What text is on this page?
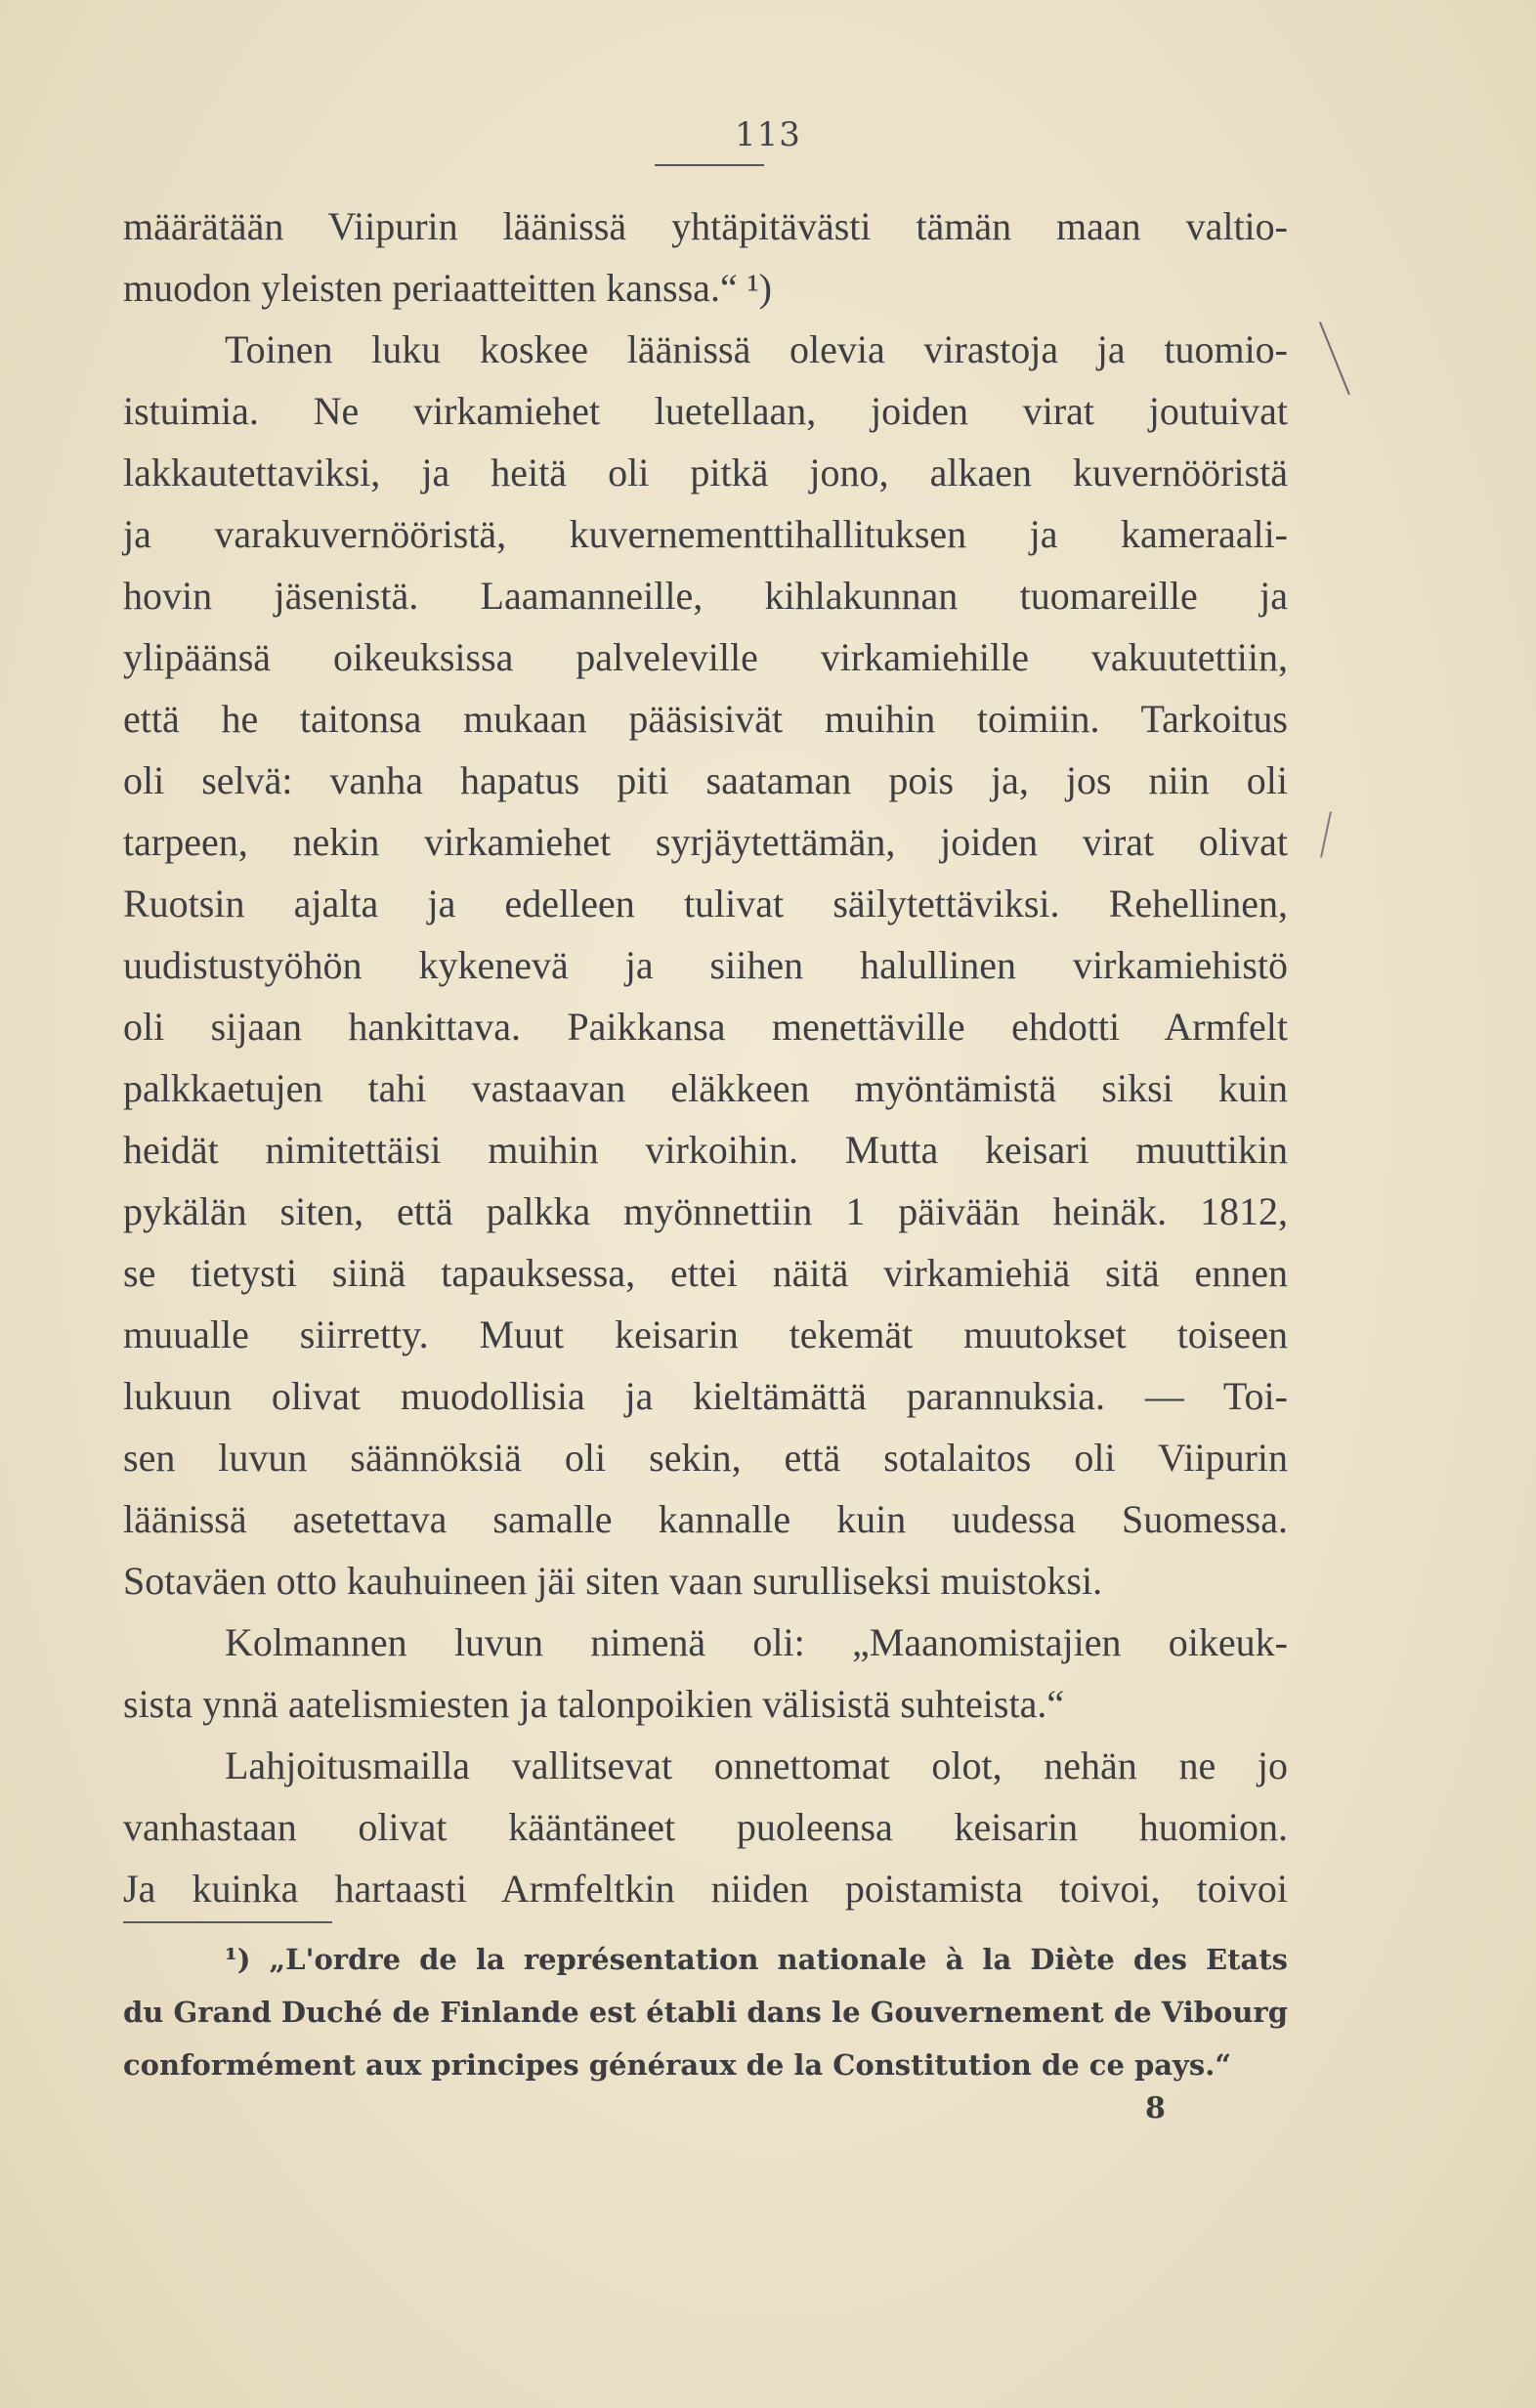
113
määrätään Viipurin läänissä yhtäpitävästi tämän maan valtio-
muodon yleisten periaatteitten kanssa.“ ¹)
Toinen luku koskee läänissä olevia virastoja ja tuomio-
istuimia. Ne virkamiehet luetellaan, joiden virat joutuivat
lakkautettaviksi, ja heitä oli pitkä jono, alkaen kuvernööristä
ja varakuvernööristä, kuvernementtihallituksen ja kameraali-
hovin jäsenistä. Laamanneille, kihlakunnan tuomareille ja
ylipäänsä oikeuksissa palveleville virkamiehille vakuutettiin,
että he taitonsa mukaan pääsisivät muihin toimiin. Tarkoitus
oli selvä: vanha hapatus piti saataman pois ja, jos niin oli
tarpeen, nekin virkamiehet syrjäytettämän, joiden virat olivat
Ruotsin ajalta ja edelleen tulivat säilytettäviksi. Rehellinen,
uudistustyöhön kykenevä ja siihen halullinen virkamiehistö
oli sijaan hankittava. Paikkansa menettäville ehdotti Armfelt
palkkaetujen tahi vastaavan eläkkeen myöntämistä siksi kuin
heidät nimitettäisi muihin virkoihin. Mutta keisari muuttikin
pykälän siten, että palkka myönnettiin 1 päivään heinäk. 1812,
se tietysti siinä tapauksessa, ettei näitä virkamiehiä sitä ennen
muualle siirretty. Muut keisarin tekemät muutokset toiseen
lukuun olivat muodollisia ja kieltämättä parannuksia. — Toi-
sen luvun säännöksiä oli sekin, että sotalaitos oli Viipurin
läänissä asetettava samalle kannalle kuin uudessa Suomessa.
Sotaväen otto kauhuineen jäi siten vaan surulliseksi muistoksi.
Kolmannen luvun nimenä oli: „Maanomistajien oikeuk-
sista ynnä aatelismiesten ja talonpoikien välisistä suhteista.“
Lahjoitusmailla vallitsevat onnettomat olot, nehän ne jo
vanhastaan olivat kääntäneet puoleensa keisarin huomion.
Ja kuinka hartaasti Armfeltkin niiden poistamista toivoi, toivoi
¹) „L'ordre de la représentation nationale à la Diète des Etats
du Grand Duché de Finlande est établi dans le Gouvernement de Vibourg
conformément aux principes généraux de la Constitution de ce pays.“
8
